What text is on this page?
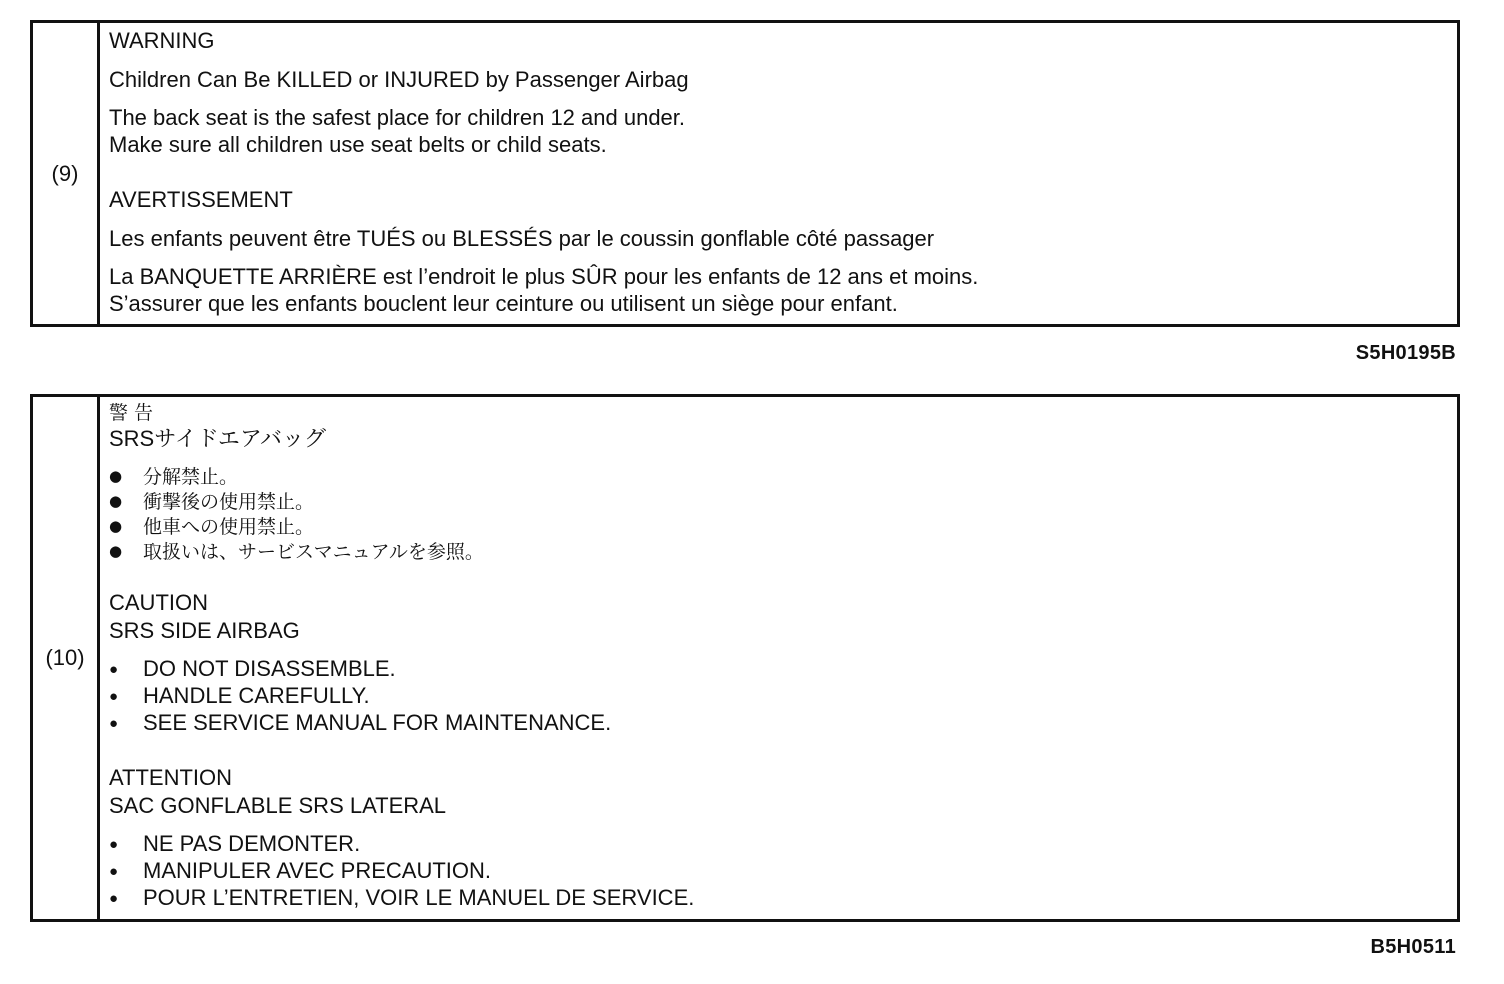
(9)
WARNING
Children Can Be KILLED or INJURED by Passenger Airbag
The back seat is the safest place for children 12 and under.
Make sure all children use seat belts or child seats.
AVERTISSEMENT
Les enfants peuvent être TUÉS ou BLESSÉS par le coussin gonflable côté passager
La BANQUETTE ARRIÈRE est l’endroit le plus SÛR pour les enfants de 12 ans et moins.
S’assurer que les enfants bouclent leur ceinture ou utilisent un siège pour enfant.
S5H0195B
(10)
警 告
SRSサイドエアバッグ
●分解禁止。
●衝撃後の使用禁止。
●他車への使用禁止。
●取扱いは、サービスマニュアルを参照。
CAUTION
SRS SIDE AIRBAG
●DO NOT DISASSEMBLE.
●HANDLE CAREFULLY.
●SEE SERVICE MANUAL FOR MAINTENANCE.
ATTENTION
SAC GONFLABLE SRS LATERAL
●NE PAS DEMONTER.
●MANIPULER AVEC PRECAUTION.
●POUR L’ENTRETIEN, VOIR LE MANUEL DE SERVICE.
B5H0511
